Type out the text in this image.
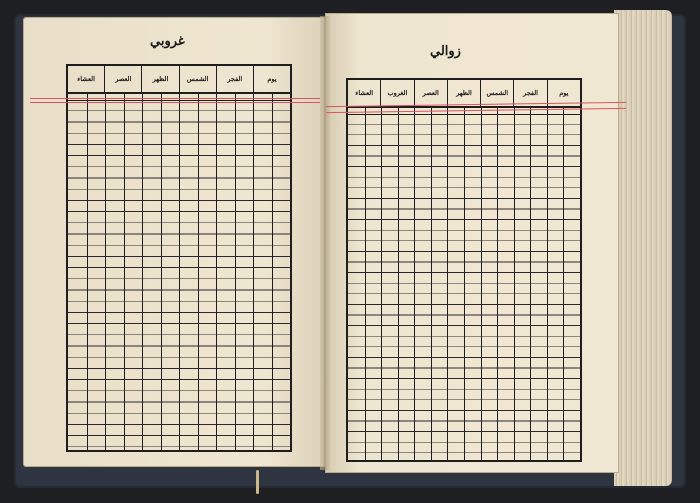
غروبي
زوالي
العشاء	العصر	الظهر	الشمس	الفجر	يوم
العشاء	الغروب	العصر	الظهر	الشمس	الفجر	يوم
